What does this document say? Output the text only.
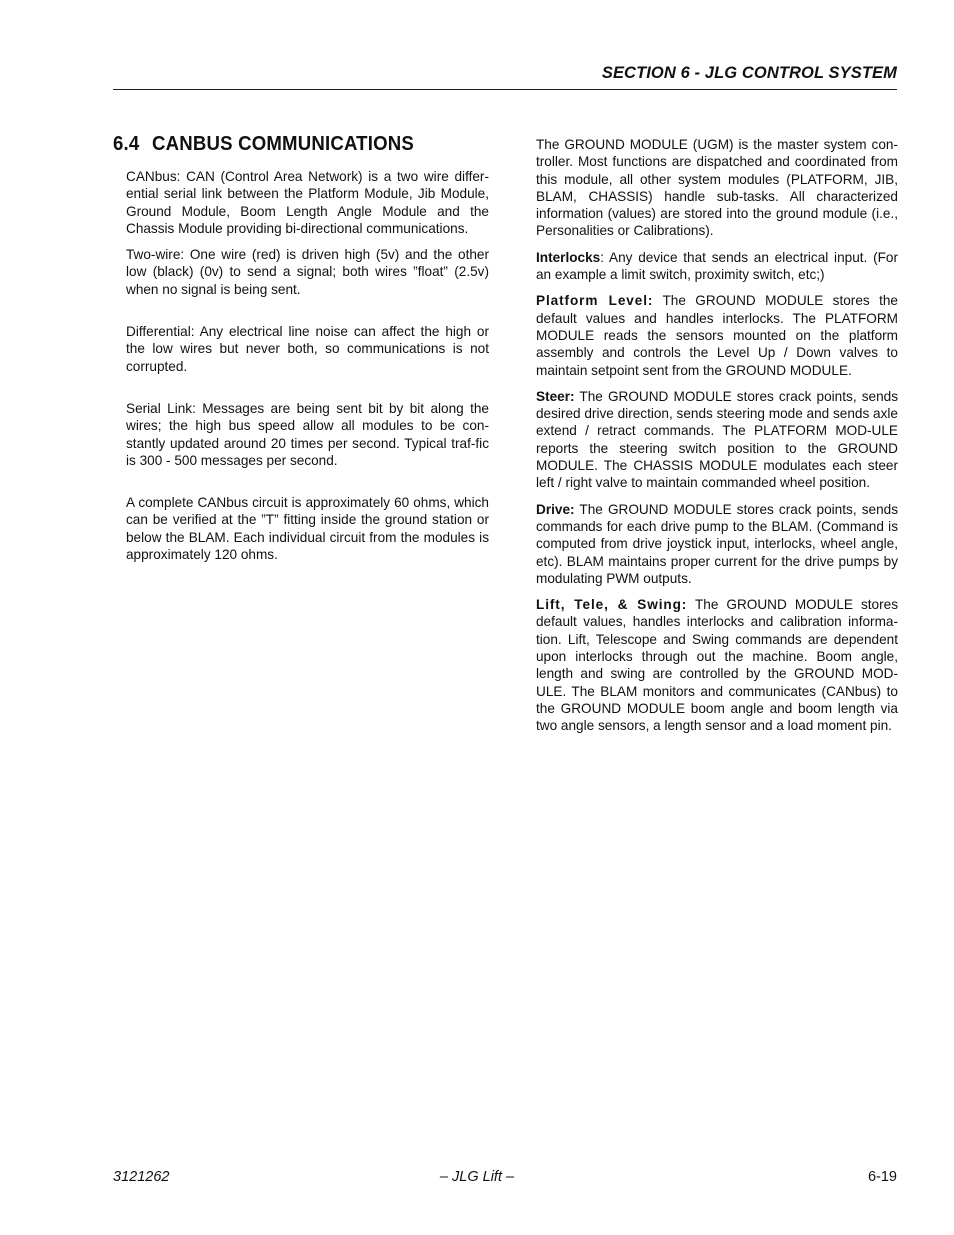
SECTION 6 - JLG CONTROL SYSTEM
6.4 CANBUS COMMUNICATIONS

CANbus: CAN (Control Area Network) is a two wire differ-ential serial link between the Platform Module, Jib Module, Ground Module, Boom Length Angle Module and the Chassis Module providing bi-directional communications.

Two-wire: One wire (red) is driven high (5v) and the other low (black) (0v) to send a signal; both wires ”float” (2.5v) when no signal is being sent.

Differential: Any electrical line noise can affect the high or the low wires but never both, so communications is not corrupted.

Serial Link: Messages are being sent bit by bit along the wires; the high bus speed allow all modules to be con-stantly updated around 20 times per second. Typical traf-fic is 300 - 500 messages per second.

A complete CANbus circuit is approximately 60 ohms, which can be verified at the ”T” fitting inside the ground station or below the BLAM. Each individual circuit from the modules is approximately 120 ohms.

The GROUND MODULE (UGM) is the master system con-troller. Most functions are dispatched and coordinated from this module, all other system modules (PLATFORM, JIB, BLAM, CHASSIS) handle sub-tasks. All characterized information (values) are stored into the ground module (i.e., Personalities or Calibrations).

Interlocks: Any device that sends an electrical input. (For an example a limit switch, proximity switch, etc;)

Platform Level: The GROUND MODULE stores the default values and handles interlocks. The PLATFORM MODULE reads the sensors mounted on the platform assembly and controls the Level Up / Down valves to maintain setpoint sent from the GROUND MODULE.

Steer: The GROUND MODULE stores crack points, sends desired drive direction, sends steering mode and sends axle extend / retract commands. The PLATFORM MOD-ULE reports the steering switch position to the GROUND MODULE. The CHASSIS MODULE modulates each steer left / right valve to maintain commanded wheel position.

Drive: The GROUND MODULE stores crack points, sends commands for each drive pump to the BLAM. (Command is computed from drive joystick input, interlocks, wheel angle, etc). BLAM maintains proper current for the drive pumps by modulating PWM outputs.

Lift, Tele, & Swing: The GROUND MODULE stores default values, handles interlocks and calibration informa-tion. Lift, Telescope and Swing commands are dependent upon interlocks through out the machine. Boom angle, length and swing are controlled by the GROUND MOD-ULE. The BLAM monitors and communicates (CANbus) to the GROUND MODULE boom angle and boom length via two angle sensors, a length sensor and a load moment pin.

3121262	– JLG Lift –	6-19
